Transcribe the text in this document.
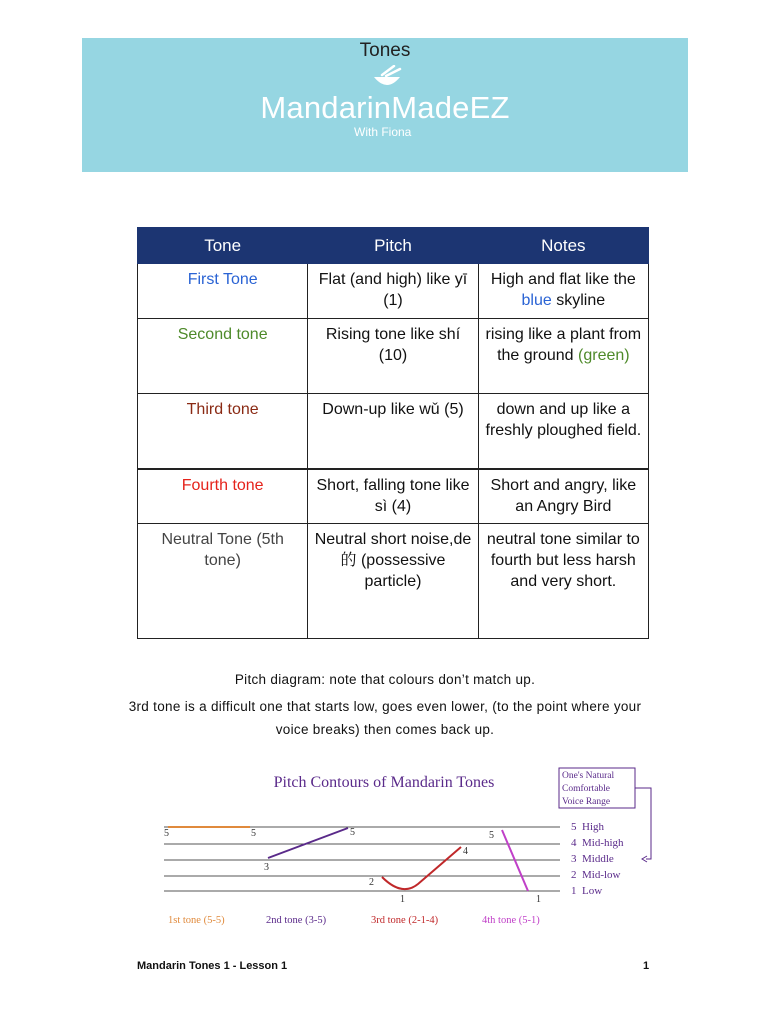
Tones
MandarinMadeEZ
With Fiona
Tone	Pitch	Notes
First Tone	Flat (and high) like yī (1)	High and flat like the blue skyline
Second tone	Rising tone like shí (10)	rising like a plant from the ground (green)
Third tone	Down-up like wǔ (5)	down and up like a freshly ploughed field.
Fourth tone	Short, falling tone like sì (4)	Short and angry, like an Angry Bird
Neutral Tone (5th tone)	Neutral short noise,de 的 (possessive particle)	neutral tone similar to fourth but less harsh and very short.
Pitch diagram: note that colours don’t match up.
3rd tone is a difficult one that starts low, goes even lower, (to the point where your voice breaks) then comes back up.
Pitch Contours of Mandarin Tones	One's Natural
Comfortable
Voice Range
5 High
4 Mid-high
3 Middle
2 Mid-low
1 Low
5	5
3
5
2
1
4
5
1
1st tone (5-5)	2nd tone (3-5)	3rd tone (2-1-4)	4th tone (5-1)
Mandarin Tones 1 - Lesson 1	1
